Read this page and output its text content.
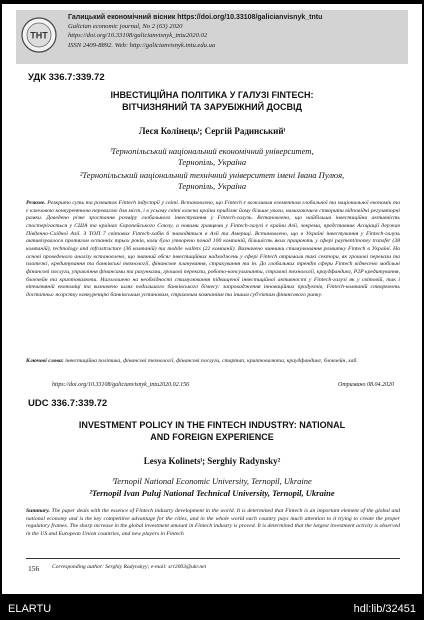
ТНТ
Галицький економічний вісник https://doi.org/10.33108/galicianvisnyk_tntu
Galician economic journal, No 2 (63) 2020
https://doi.org/10.33108/galicianvisnyk_tntu2020.02
ISSN 2409-8892. Web: http://galicianvisnyk.tntu.edu.ua
УДК 336.7:339.72
ІНВЕСТИЦІЙНА ПОЛІТИКА У ГАЛУЗІ FINTECH:
ВІТЧИЗНЯНИЙ ТА ЗАРУБІЖНИЙ ДОСВІД
Леся Колінецьˡ; Сергій Радинськийˡ
ˡТернопільський національний економічний університет,
Тернопіль, Україна
²Тернопільський національний технічний університет імені Івана Пулюя,
Тернопіль, Україна
Резюме. Розкрито суть та розвиток Fintech індустрії у світі. Встановлено, що Fintech є важливим елементом глобальної та національної економік та є ключовою конкурентною перевагою для міст, і в усьому світі кожна країна приділяє йому більше уваги, намагаючися створити відповідні регуляторні рамки. Доведено різке зростання розміру глобального інвестування у Fintech-галузь. Встановлено, що найбільша інвестиційна активність спостерігається у США та країнах Європейського Союзу, а новими гравцями у Fintech-галузі є країни Азії, зокрема, представник Асоціації держав Південно-Східної Азії. З ТОП 7 світових Fintech-хабів 6 знаходяться в Азії та Америці. Встановлено, що в Україні інвестування у Fintech-галузь активізувалося протягом останніх трьох років, коли було утворено понад 100 компаній, більшість яких працюють у сфері payment/money transfer (38 компаній), technology and infrastructure (36 компаній) та mobile wallets (22 компанії). Визначено чинники стимулювання розвитку Fintech в Україні. На основі проведеного аналізу встановлено, що значний обсяг інвестиційних надходжень у сфері Fintech отримали такі сектори, як грошові перекази та платежі, кредитування та банківські технології, фінансове планування, страхування та ін. До глобальних трендів сфери Fintech віднесено мобільні фінансові послуги, управління фінансами та рахунками, грошові перекази, робото-консультанти, страхові технології, краудфандинг, P2P кредитування, блокчейн та криптовалюти. Наголошено на необхідності стимулювання підвищеної інвестиційної активності у Fintech-галузі як у світовій, так і вітчизняній економіці та визначено шлях подальшого банківського бізнесу: запровадження інноваційних продуктів, Fintech-компаній створюють достатньо жорстку конкуренцію банківським установам, страховим компаніям та іншим суб'єктам фінансового ринку.
Ключові слова: інвестиційна політика, фінансові технології, фінансові послуги, стартап, криптовалюта, краудфандинг, блокчейн, хаб.
https://doi.org/10.33108/galicianvisnyk_tntu2020.02.156	Отримано 08.04.2020
UDC 336.7:339.72
INVESTMENT POLICY IN THE FINTECH INDUSTRY: NATIONAL
AND FOREIGN EXPERIENCE
Lesya Kolinetsˡ; Serghiy Radynsky²
ˡTernopil National Economic University, Ternopil, Ukraine
²Ternopil Ivan Puluj National Technical University, Ternopil, Ukraine
Summary. The paper deals with the essence of Fintech industry development in the world. It is determined that Fintech is an important element of the global and national economy and is the key competitive advantage for the cities, and in the whole world each country pays much attention to it trying to create the proper regulatory frames. The sharp increase in the global investment amount in Fintech industry is proved. It is determined that the largest investment activity is observed in the US and European Union countries, and new players in Fintech
156 Corresponding author: Serghiy Radynskyy; e-mail: srr2003@ukr.net
ELARTU	hdl:lib/32451
